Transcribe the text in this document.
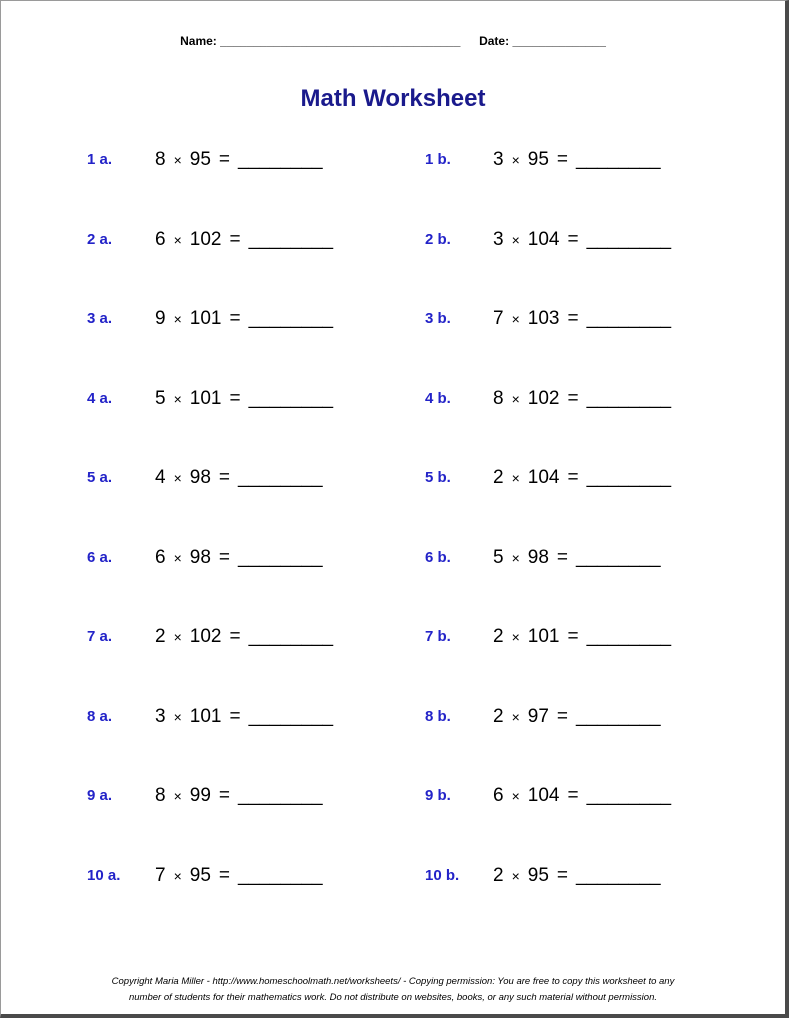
Name: ____________________________________ Date: ______________
Math Worksheet
1 a. 8 × 95 = ________	1 b. 3 × 95 = ________
2 a. 6 × 102 = ________	2 b. 3 × 104 = ________
3 a. 9 × 101 = ________	3 b. 7 × 103 = ________
4 a. 5 × 101 = ________	4 b. 8 × 102 = ________
5 a. 4 × 98 = ________	5 b. 2 × 104 = ________
6 a. 6 × 98 = ________	6 b. 5 × 98 = ________
7 a. 2 × 102 = ________	7 b. 2 × 101 = ________
8 a. 3 × 101 = ________	8 b. 2 × 97 = ________
9 a. 8 × 99 = ________	9 b. 6 × 104 = ________
10 a. 7 × 95 = ________	10 b. 2 × 95 = ________
Copyright Maria Miller - http://www.homeschoolmath.net/worksheets/ - Copying permission: You are free to copy this worksheet to any
number of students for their mathematics work. Do not distribute on websites, books, or any such material without permission.
